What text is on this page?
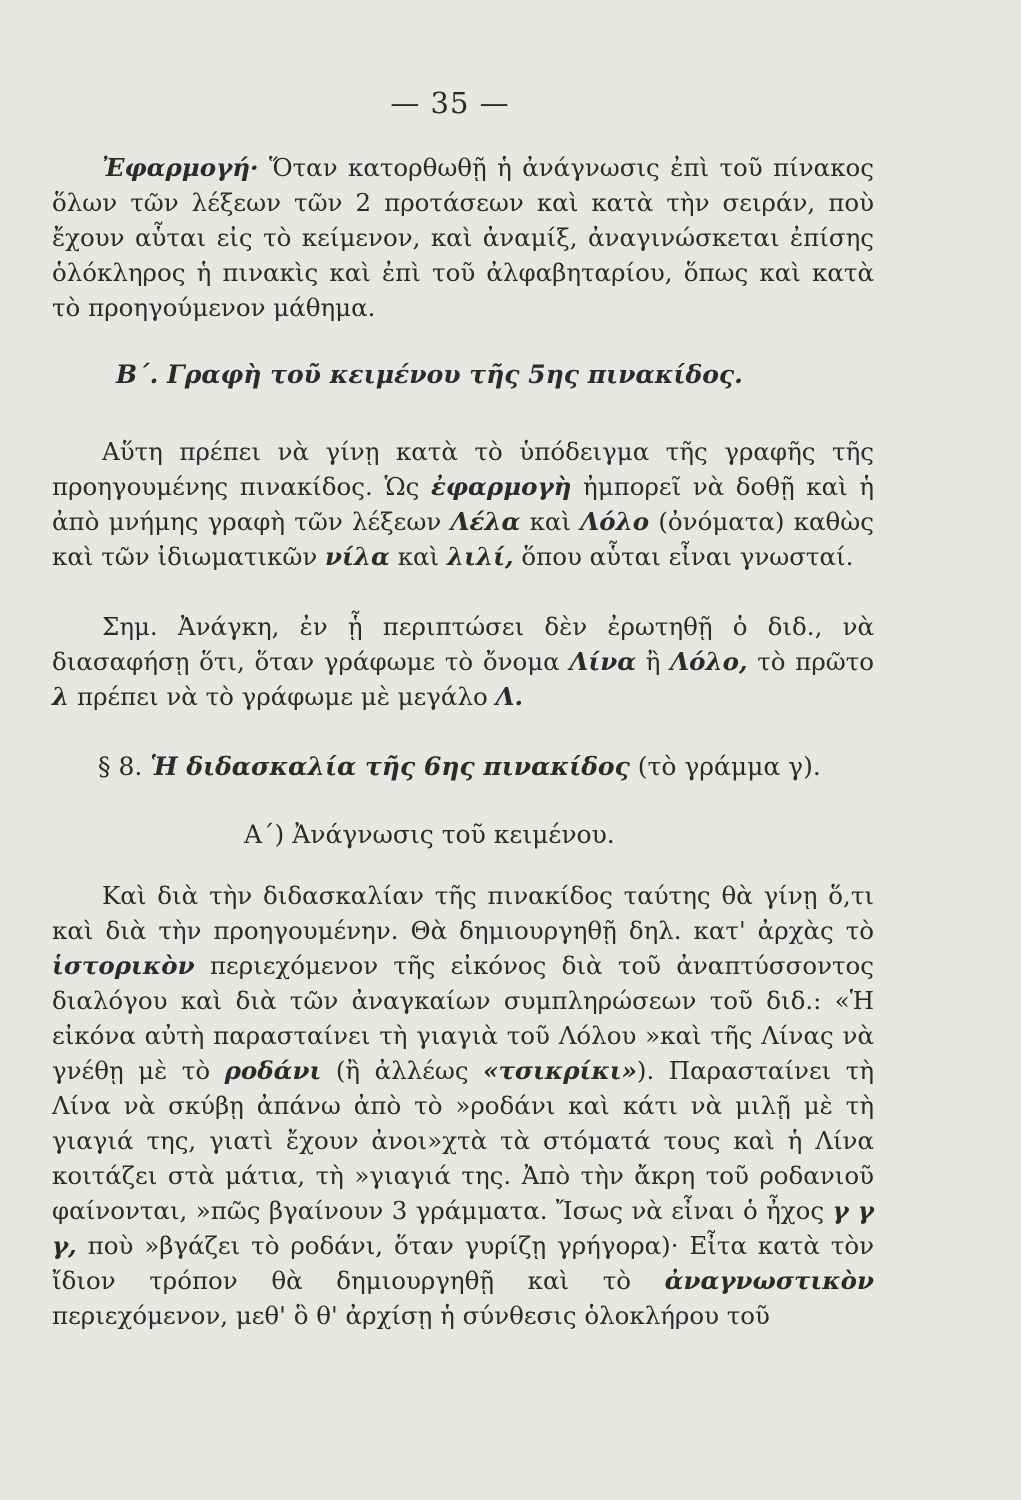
— 35 —

Ἐφαρμογή· Ὅταν κατορθωθῇ ἡ ἀνάγνωσις ἐπὶ τοῦ πίνακος ὅλων τῶν λέξεων τῶν 2 προτάσεων καὶ κατὰ τὴν σειράν, ποὺ ἔχουν αὗται εἰς τὸ κείμενον, καὶ ἀναμίξ, ἀναγινώσκεται ἐπίσης ὁλόκληρος ἡ πινακὶς καὶ ἐπὶ τοῦ ἀλφαβηταρίου, ὅπως καὶ κατὰ τὸ προηγούμενον μάθημα.

Β΄. Γραφὴ τοῦ κειμένου τῆς 5ης πινακίδος.

Αὕτη πρέπει νὰ γίνῃ κατὰ τὸ ὑπόδειγμα τῆς γραφῆς τῆς προηγουμένης πινακίδος. Ὡς ἐφαρμογὴ ἠμπορεῖ νὰ δοθῇ καὶ ἡ ἀπὸ μνήμης γραφὴ τῶν λέξεων Λέλα καὶ Λόλο (ὀνόματα) καθὼς καὶ τῶν ἰδιωματικῶν νίλα καὶ λιλί, ὅπου αὗται εἶναι γνωσταί.

Σημ. Ἀνάγκη, ἐν ᾗ περιπτώσει δὲν ἐρωτηθῇ ὁ διδ., νὰ διασαφήσῃ ὅτι, ὅταν γράφωμε τὸ ὄνομα Λίνα ἢ Λόλο, τὸ πρῶτο λ πρέπει νὰ τὸ γράφωμε μὲ μεγάλο Λ.

§ 8. Ἡ διδασκαλία τῆς 6ης πινακίδος (τὸ γράμμα γ).
Α΄) Ἀνάγνωσις τοῦ κειμένου.

Καὶ διὰ τὴν διδασκαλίαν τῆς πινακίδος ταύτης θὰ γίνῃ ὅ,τι καὶ διὰ τὴν προηγουμένην. Θὰ δημιουργηθῇ δηλ. κατ' ἀρχὰς τὸ ἱστορικὸν περιεχόμενον τῆς εἰκόνος διὰ τοῦ ἀναπτύσσοντος διαλόγου καὶ διὰ τῶν ἀναγκαίων συμπληρώσεων τοῦ διδ.: «Ἡ εἰκόνα αὐτὴ παρασταίνει τὴ γιαγιὰ τοῦ Λόλου »καὶ τῆς Λίνας νὰ γνέθῃ μὲ τὸ ροδάνι (ἢ ἀλλέως «τσικρίκι»). Παρασταίνει τὴ Λίνα νὰ σκύβῃ ἀπάνω ἀπὸ τὸ »ροδάνι καὶ κάτι νὰ μιλῇ μὲ τὴ γιαγιά της, γιατὶ ἔχουν ἀνοι»χτὰ τὰ στόματά τους καὶ ἡ Λίνα κοιτάζει στὰ μάτια, τὴ »γιαγιά της. Ἀπὸ τὴν ἄκρη τοῦ ροδανιοῦ φαίνονται, »πῶς βγαίνουν 3 γράμματα. Ἴσως νὰ εἶναι ὁ ἦχος γ γ γ, ποὺ »βγάζει τὸ ροδάνι, ὅταν γυρίζῃ γρήγορα)· Εἶτα κατὰ τὸν ἴδιον τρόπον θὰ δημιουργηθῇ καὶ τὸ ἀναγνωστικὸν περιεχόμενον, μεθ' ὃ θ' ἀρχίσῃ ἡ σύνθεσις ὁλοκλήρου τοῦ
